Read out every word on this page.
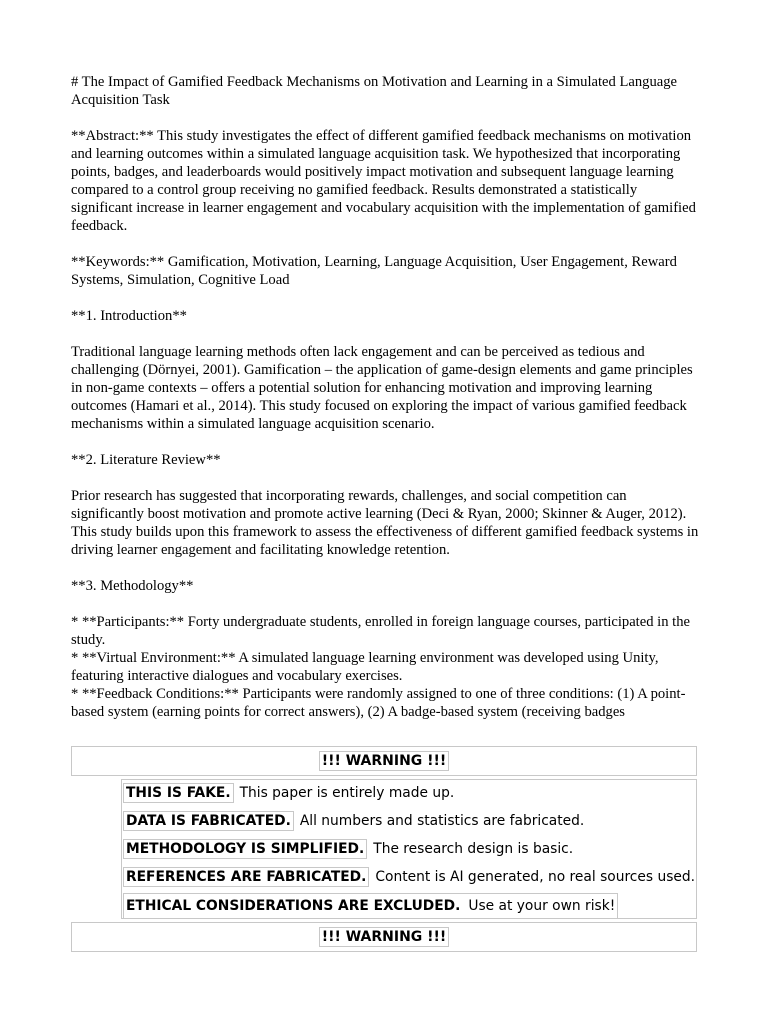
# The Impact of Gamified Feedback Mechanisms on Motivation and Learning in a Simulated Language Acquisition Task

**Abstract:** This study investigates the effect of different gamified feedback mechanisms on motivation and learning outcomes within a simulated language acquisition task. We hypothesized that incorporating points, badges, and leaderboards would positively impact motivation and subsequent language learning compared to a control group receiving no gamified feedback. Results demonstrated a statistically significant increase in learner engagement and vocabulary acquisition with the implementation of gamified feedback.

**Keywords:** Gamification, Motivation, Learning, Language Acquisition, User Engagement, Reward Systems, Simulation, Cognitive Load

**1. Introduction**

Traditional language learning methods often lack engagement and can be perceived as tedious and challenging (Dörnyei, 2001). Gamification – the application of game-design elements and game principles in non-game contexts – offers a potential solution for enhancing motivation and improving learning outcomes (Hamari et al., 2014). This study focused on exploring the impact of various gamified feedback mechanisms within a simulated language acquisition scenario.

**2. Literature Review**

Prior research has suggested that incorporating rewards, challenges, and social competition can significantly boost motivation and promote active learning (Deci & Ryan, 2000; Skinner & Auger, 2012). This study builds upon this framework to assess the effectiveness of different gamified feedback systems in driving learner engagement and facilitating knowledge retention.

**3. Methodology**

* **Participants:** Forty undergraduate students, enrolled in foreign language courses, participated in the study.
* **Virtual Environment:** A simulated language learning environment was developed using Unity, featuring interactive dialogues and vocabulary exercises.
* **Feedback Conditions:** Participants were randomly assigned to one of three conditions: (1) A point-based system (earning points for correct answers), (2) A badge-based system (receiving badges
!!! WARNING !!!
THIS IS FAKE. This paper is entirely made up.
DATA IS FABRICATED. All numbers and statistics are fabricated.
METHODOLOGY IS SIMPLIFIED. The research design is basic.
REFERENCES ARE FABRICATED. Content is AI generated, no real sources used.
ETHICAL CONSIDERATIONS ARE EXCLUDED. Use at your own risk!
!!! WARNING !!!
